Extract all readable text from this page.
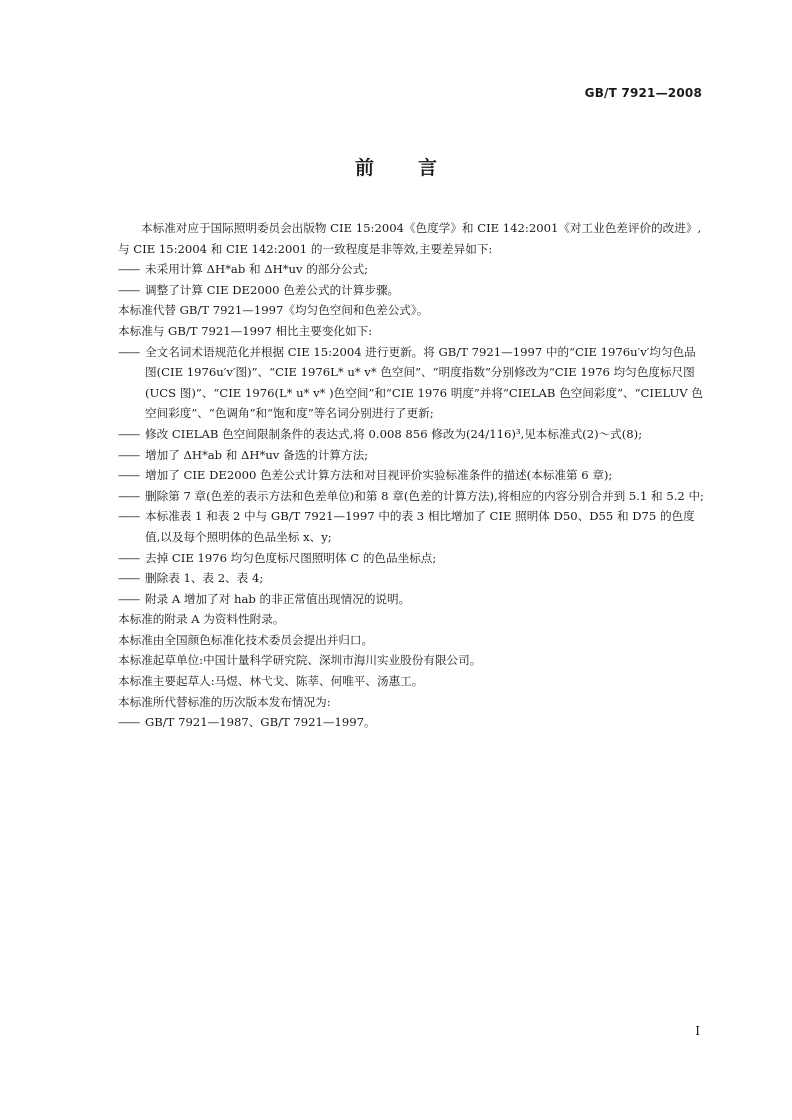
GB/T 7921—2008
前言

本标准对应于国际照明委员会出版物 CIE 15:2004《色度学》和 CIE 142:2001《对工业色差评价的改进》,与 CIE 15:2004 和 CIE 142:2001 的一致程度是非等效,主要差异如下:

—— 未采用计算 ΔH*ab 和 ΔH*uv 的部分公式;

—— 调整了计算 CIE DE2000 色差公式的计算步骤。

本标准代替 GB/T 7921—1997《均匀色空间和色差公式》。

本标准与 GB/T 7921—1997 相比主要变化如下:

—— 全文名词术语规范化并根据 CIE 15:2004 进行更新。将 GB/T 7921—1997 中的“CIE 1976u′v′均匀色品图(CIE 1976u′v′图)”、“CIE 1976L* u* v* 色空间”、“明度指数”分别修改为“CIE 1976 均匀色度标尺图(UCS 图)”、“CIE 1976(L* u* v* )色空间”和“CIE 1976 明度”并将“CIELAB 色空间彩度”、“CIELUV 色空间彩度”、“色调角”和“饱和度”等名词分别进行了更新;

—— 修改 CIELAB 色空间限制条件的表达式,将 0.008 856 修改为(24/116)³,见本标准式(2)～式(8);

—— 增加了 ΔH*ab 和 ΔH*uv 备选的计算方法;

—— 增加了 CIE DE2000 色差公式计算方法和对目视评价实验标准条件的描述(本标准第 6 章);

—— 删除第 7 章(色差的表示方法和色差单位)和第 8 章(色差的计算方法),将相应的内容分别合并到 5.1 和 5.2 中;

—— 本标准表 1 和表 2 中与 GB/T 7921—1997 中的表 3 相比增加了 CIE 照明体 D50、D55 和 D75 的色度值,以及每个照明体的色品坐标 x、y;

—— 去掉 CIE 1976 均匀色度标尺图照明体 C 的色品坐标点;

—— 删除表 1、表 2、表 4;

—— 附录 A 增加了对 hab 的非正常值出现情况的说明。

本标准的附录 A 为资料性附录。

本标准由全国颜色标准化技术委员会提出并归口。

本标准起草单位:中国计量科学研究院、深圳市海川实业股份有限公司。

本标准主要起草人:马煜、林弋戈、陈莘、何唯平、汤惠工。

本标准所代替标准的历次版本发布情况为:

—— GB/T 7921—1987、GB/T 7921—1997。

I
